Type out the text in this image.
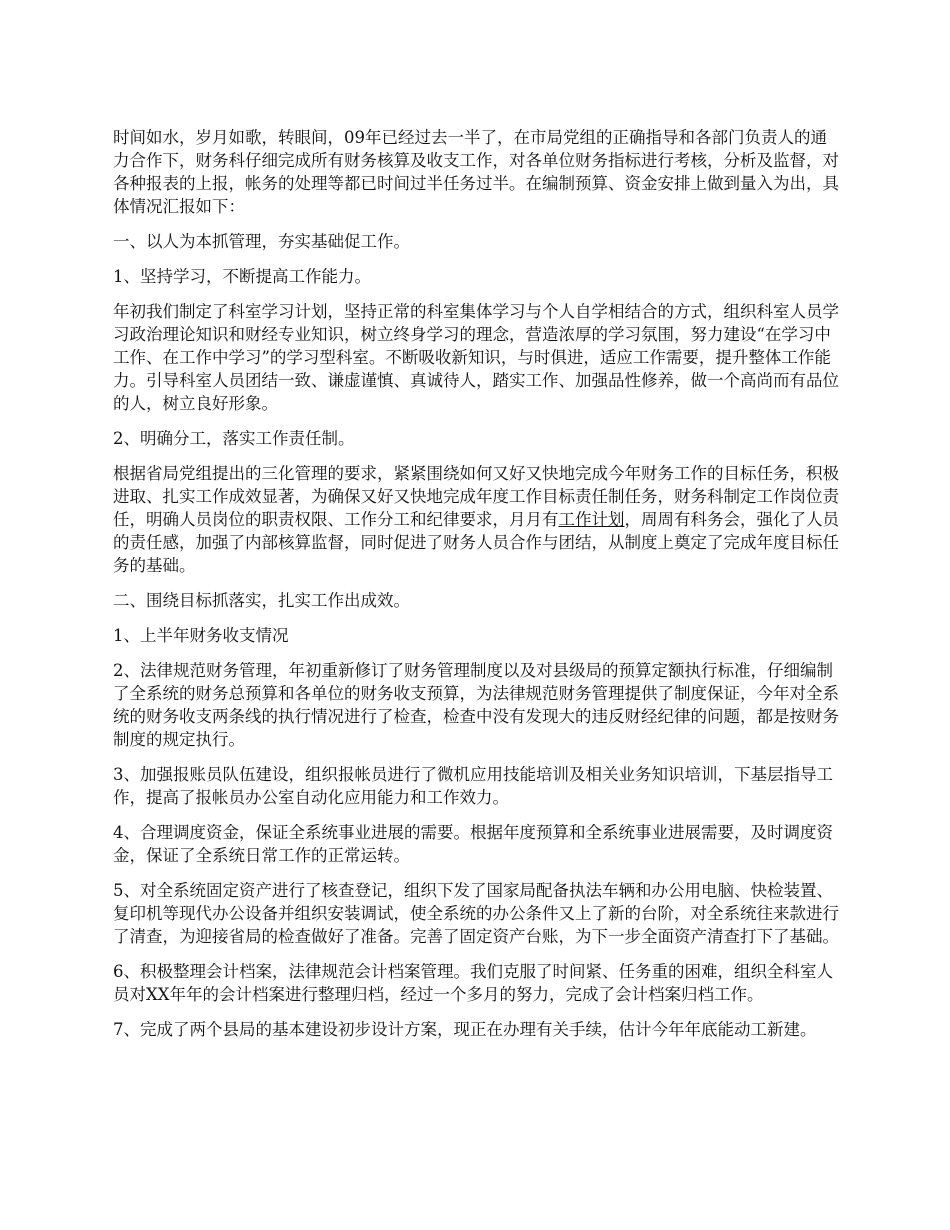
时间如水，岁月如歌，转眼间，09年已经过去一半了，在市局党组的正确指导和各部门负责人的通力合作下，财务科仔细完成所有财务核算及收支工作，对各单位财务指标进行考核，分析及监督，对各种报表的上报，帐务的处理等都已时间过半任务过半。在编制预算、资金安排上做到量入为出，具体情况汇报如下：

一、以人为本抓管理，夯实基础促工作。

1、坚持学习，不断提高工作能力。

年初我们制定了科室学习计划，坚持正常的科室集体学习与个人自学相结合的方式，组织科室人员学习政治理论知识和财经专业知识，树立终身学习的理念，营造浓厚的学习氛围，努力建设“在学习中工作、在工作中学习”的学习型科室。不断吸收新知识，与时俱进，适应工作需要，提升整体工作能力。引导科室人员团结一致、谦虚谨慎、真诚待人，踏实工作、加强品性修养，做一个高尚而有品位的人，树立良好形象。

2、明确分工，落实工作责任制。

根据省局党组提出的三化管理的要求，紧紧围绕如何又好又快地完成今年财务工作的目标任务，积极进取、扎实工作成效显著，为确保又好又快地完成年度工作目标责任制任务，财务科制定工作岗位责任，明确人员岗位的职责权限、工作分工和纪律要求，月月有工作计划，周周有科务会，强化了人员的责任感，加强了内部核算监督，同时促进了财务人员合作与团结，从制度上奠定了完成年度目标任务的基础。

二、围绕目标抓落实，扎实工作出成效。

1、上半年财务收支情况

2、法律规范财务管理，年初重新修订了财务管理制度以及对县级局的预算定额执行标准，仔细编制了全系统的财务总预算和各单位的财务收支预算，为法律规范财务管理提供了制度保证，今年对全系统的财务收支两条线的执行情况进行了检查，检查中没有发现大的违反财经纪律的问题，都是按财务制度的规定执行。

3、加强报账员队伍建设，组织报帐员进行了微机应用技能培训及相关业务知识培训，下基层指导工作，提高了报帐员办公室自动化应用能力和工作效力。

4、合理调度资金，保证全系统事业进展的需要。根据年度预算和全系统事业进展需要，及时调度资金，保证了全系统日常工作的正常运转。

5、对全系统固定资产进行了核查登记，组织下发了国家局配备执法车辆和办公用电脑、快检装置、复印机等现代办公设备并组织安装调试，使全系统的办公条件又上了新的台阶，对全系统往来款进行了清查，为迎接省局的检查做好了准备。完善了固定资产台账，为下一步全面资产清查打下了基础。

6、积极整理会计档案，法律规范会计档案管理。我们克服了时间紧、任务重的困难，组织全科室人员对XX年年的会计档案进行整理归档，经过一个多月的努力，完成了会计档案归档工作。

7、完成了两个县局的基本建设初步设计方案，现正在办理有关手续，估计今年年底能动工新建。
